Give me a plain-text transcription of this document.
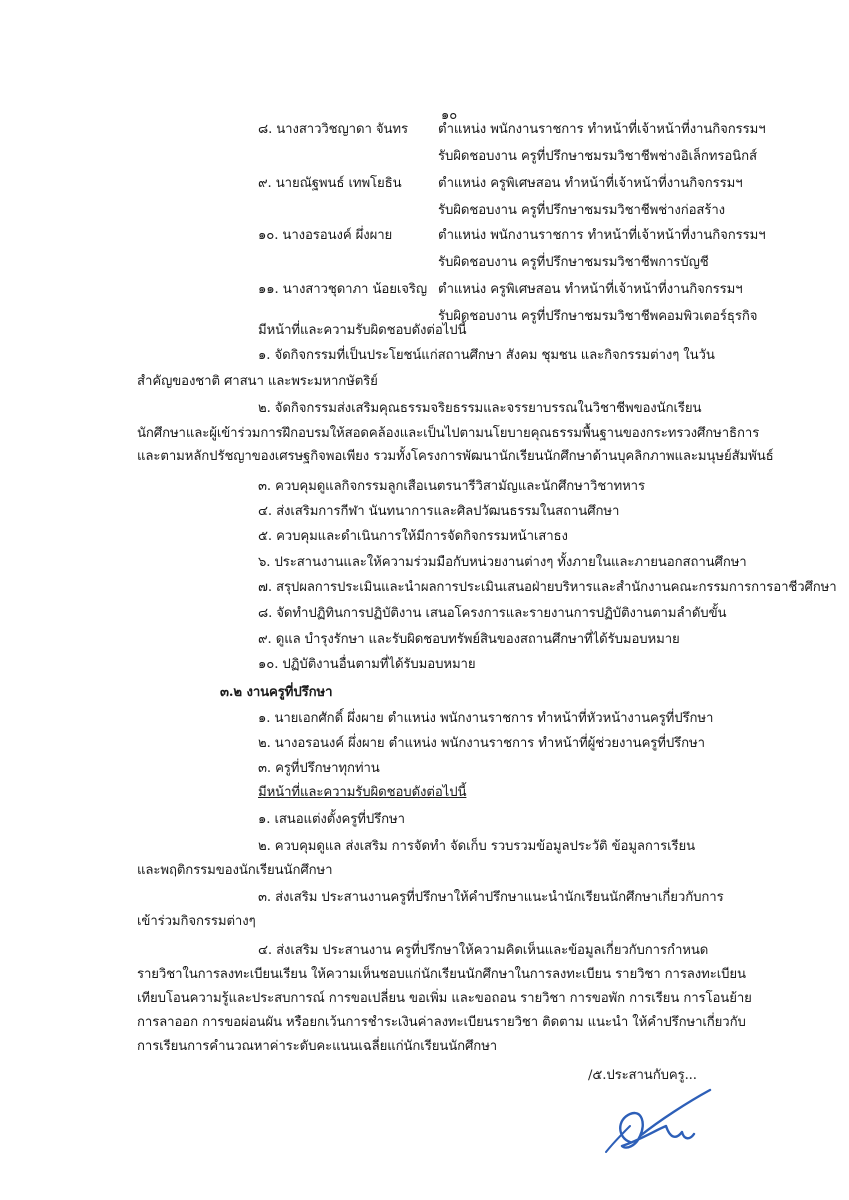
๑๐
๘. นางสาววิชญาดา จันทร ตำแหน่ง พนักงานราชการ ทำหน้าที่เจ้าหน้าที่งานกิจกรรมฯ
รับผิดชอบงาน ครูที่ปรึกษาชมรมวิชาชีพช่างอิเล็กทรอนิกส์
๙. นายณัฐพนธ์ เทพโยธิน	ตำแหน่ง ครูพิเศษสอน ทำหน้าที่เจ้าหน้าที่งานกิจกรรมฯ
รับผิดชอบงาน ครูที่ปรึกษาชมรมวิชาชีพช่างก่อสร้าง
๑๐. นางอรอนงค์ ผึ่งผาย	ตำแหน่ง พนักงานราชการ ทำหน้าที่เจ้าหน้าที่งานกิจกรรมฯ
รับผิดชอบงาน ครูที่ปรึกษาชมรมวิชาชีพการบัญชี
๑๑. นางสาวชุดาภา น้อยเจริญ ตำแหน่ง ครูพิเศษสอน ทำหน้าที่เจ้าหน้าที่งานกิจกรรมฯ
รับผิดชอบงาน ครูที่ปรึกษาชมรมวิชาชีพคอมพิวเตอร์ธุรกิจ
มีหน้าที่และความรับผิดชอบดังต่อไปนี้
๑. จัดกิจกรรมที่เป็นประโยชน์แก่สถานศึกษา สังคม ชุมชน และกิจกรรมต่างๆ ในวัน
สำคัญของชาติ ศาสนา และพระมหากษัตริย์
๒. จัดกิจกรรมส่งเสริมคุณธรรมจริยธรรมและจรรยาบรรณในวิชาชีพของนักเรียน
นักศึกษาและผู้เข้าร่วมการฝึกอบรมให้สอดคล้องและเป็นไปตามนโยบายคุณธรรมพื้นฐานของกระทรวงศึกษาธิการ
และตามหลักปรัชญาของเศรษฐกิจพอเพียง รวมทั้งโครงการพัฒนานักเรียนนักศึกษาด้านบุคลิกภาพและมนุษย์สัมพันธ์
๓. ควบคุมดูแลกิจกรรมลูกเสือเนตรนารีวิสามัญและนักศึกษาวิชาทหาร
๔. ส่งเสริมการกีฬา นันทนาการและศิลปวัฒนธรรมในสถานศึกษา
๕. ควบคุมและดำเนินการให้มีการจัดกิจกรรมหน้าเสาธง
๖. ประสานงานและให้ความร่วมมือกับหน่วยงานต่างๆ ทั้งภายในและภายนอกสถานศึกษา
๗. สรุปผลการประเมินและนำผลการประเมินเสนอฝ่ายบริหารและสำนักงานคณะกรรมการการอาชีวศึกษา
๘. จัดทำปฏิทินการปฏิบัติงาน เสนอโครงการและรายงานการปฏิบัติงานตามลำดับขั้น
๙. ดูแล บำรุงรักษา และรับผิดชอบทรัพย์สินของสถานศึกษาที่ได้รับมอบหมาย
๑๐. ปฏิบัติงานอื่นตามที่ได้รับมอบหมาย
๓.๒ งานครูที่ปรึกษา
๑. นายเอกศักดิ์ ผึ่งผาย ตำแหน่ง พนักงานราชการ ทำหน้าที่หัวหน้างานครูที่ปรึกษา
๒. นางอรอนงค์ ผึ่งผาย ตำแหน่ง พนักงานราชการ ทำหน้าที่ผู้ช่วยงานครูที่ปรึกษา
๓. ครูที่ปรึกษาทุกท่าน
มีหน้าที่และความรับผิดชอบดังต่อไปนี้
๑. เสนอแต่งตั้งครูที่ปรึกษา
๒. ควบคุมดูแล ส่งเสริม การจัดทำ จัดเก็บ รวบรวมข้อมูลประวัติ ข้อมูลการเรียน
และพฤติกรรมของนักเรียนนักศึกษา
๓. ส่งเสริม ประสานงานครูที่ปรึกษาให้คำปรึกษาแนะนำนักเรียนนักศึกษาเกี่ยวกับการ
เข้าร่วมกิจกรรมต่างๆ
๔. ส่งเสริม ประสานงาน ครูที่ปรึกษาให้ความคิดเห็นและข้อมูลเกี่ยวกับการกำหนด
รายวิชาในการลงทะเบียนเรียน ให้ความเห็นชอบแก่นักเรียนนักศึกษาในการลงทะเบียน รายวิชา การลงทะเบียน
เทียบโอนความรู้และประสบการณ์ การขอเปลี่ยน ขอเพิ่ม และขอถอน รายวิชา การขอพัก การเรียน การโอนย้าย
การลาออก การขอผ่อนผัน หรือยกเว้นการชำระเงินค่าลงทะเบียนรายวิชา ติดตาม แนะนำ ให้คำปรึกษาเกี่ยวกับ
การเรียนการคำนวณหาค่าระดับคะแนนเฉลี่ยแก่นักเรียนนักศึกษา
/๕.ประสานกับครู...
